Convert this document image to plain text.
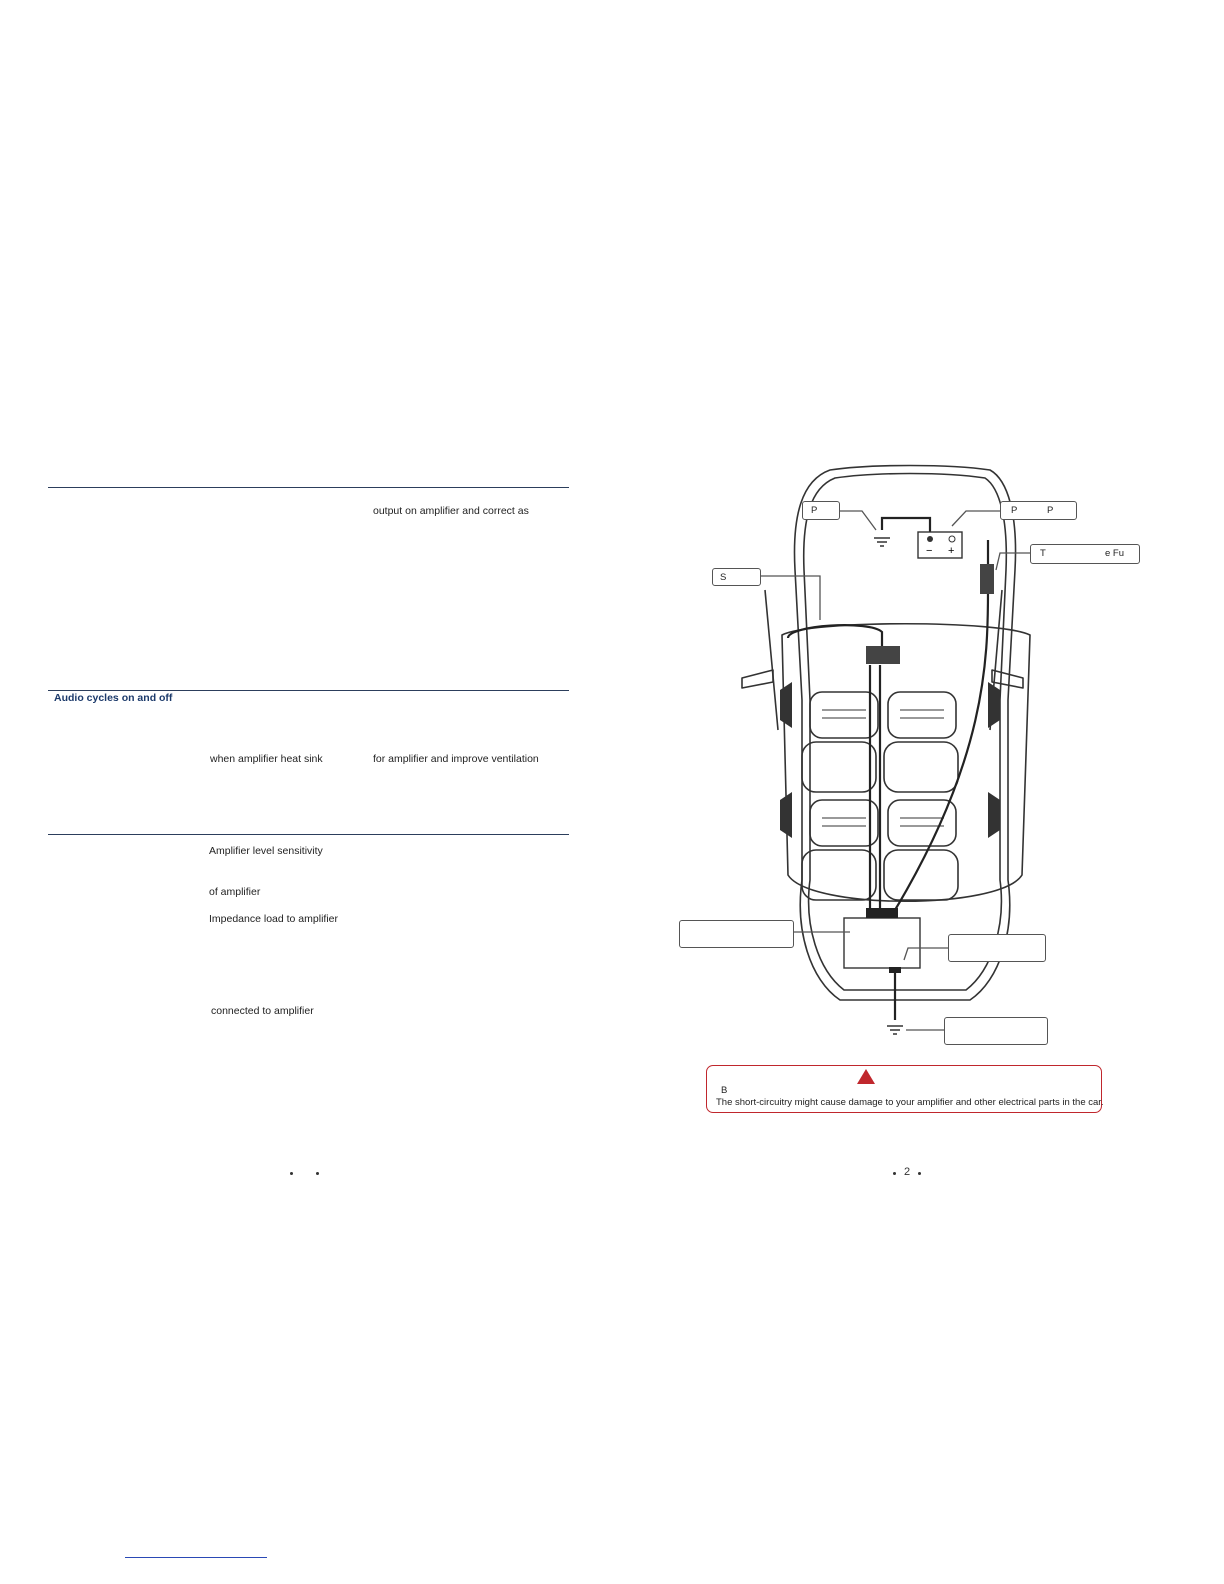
output on amplifier and correct as
Audio cycles on and off
when amplifier heat sink	for amplifier and improve ventilation
Amplifier level sensitivity
of amplifier
Impedance load to amplifier
connected to amplifier
− +
P	P	P
T	e Fu
S
B
The short-circuitry might cause damage to your amplifier and other electrical parts in the car.
2
